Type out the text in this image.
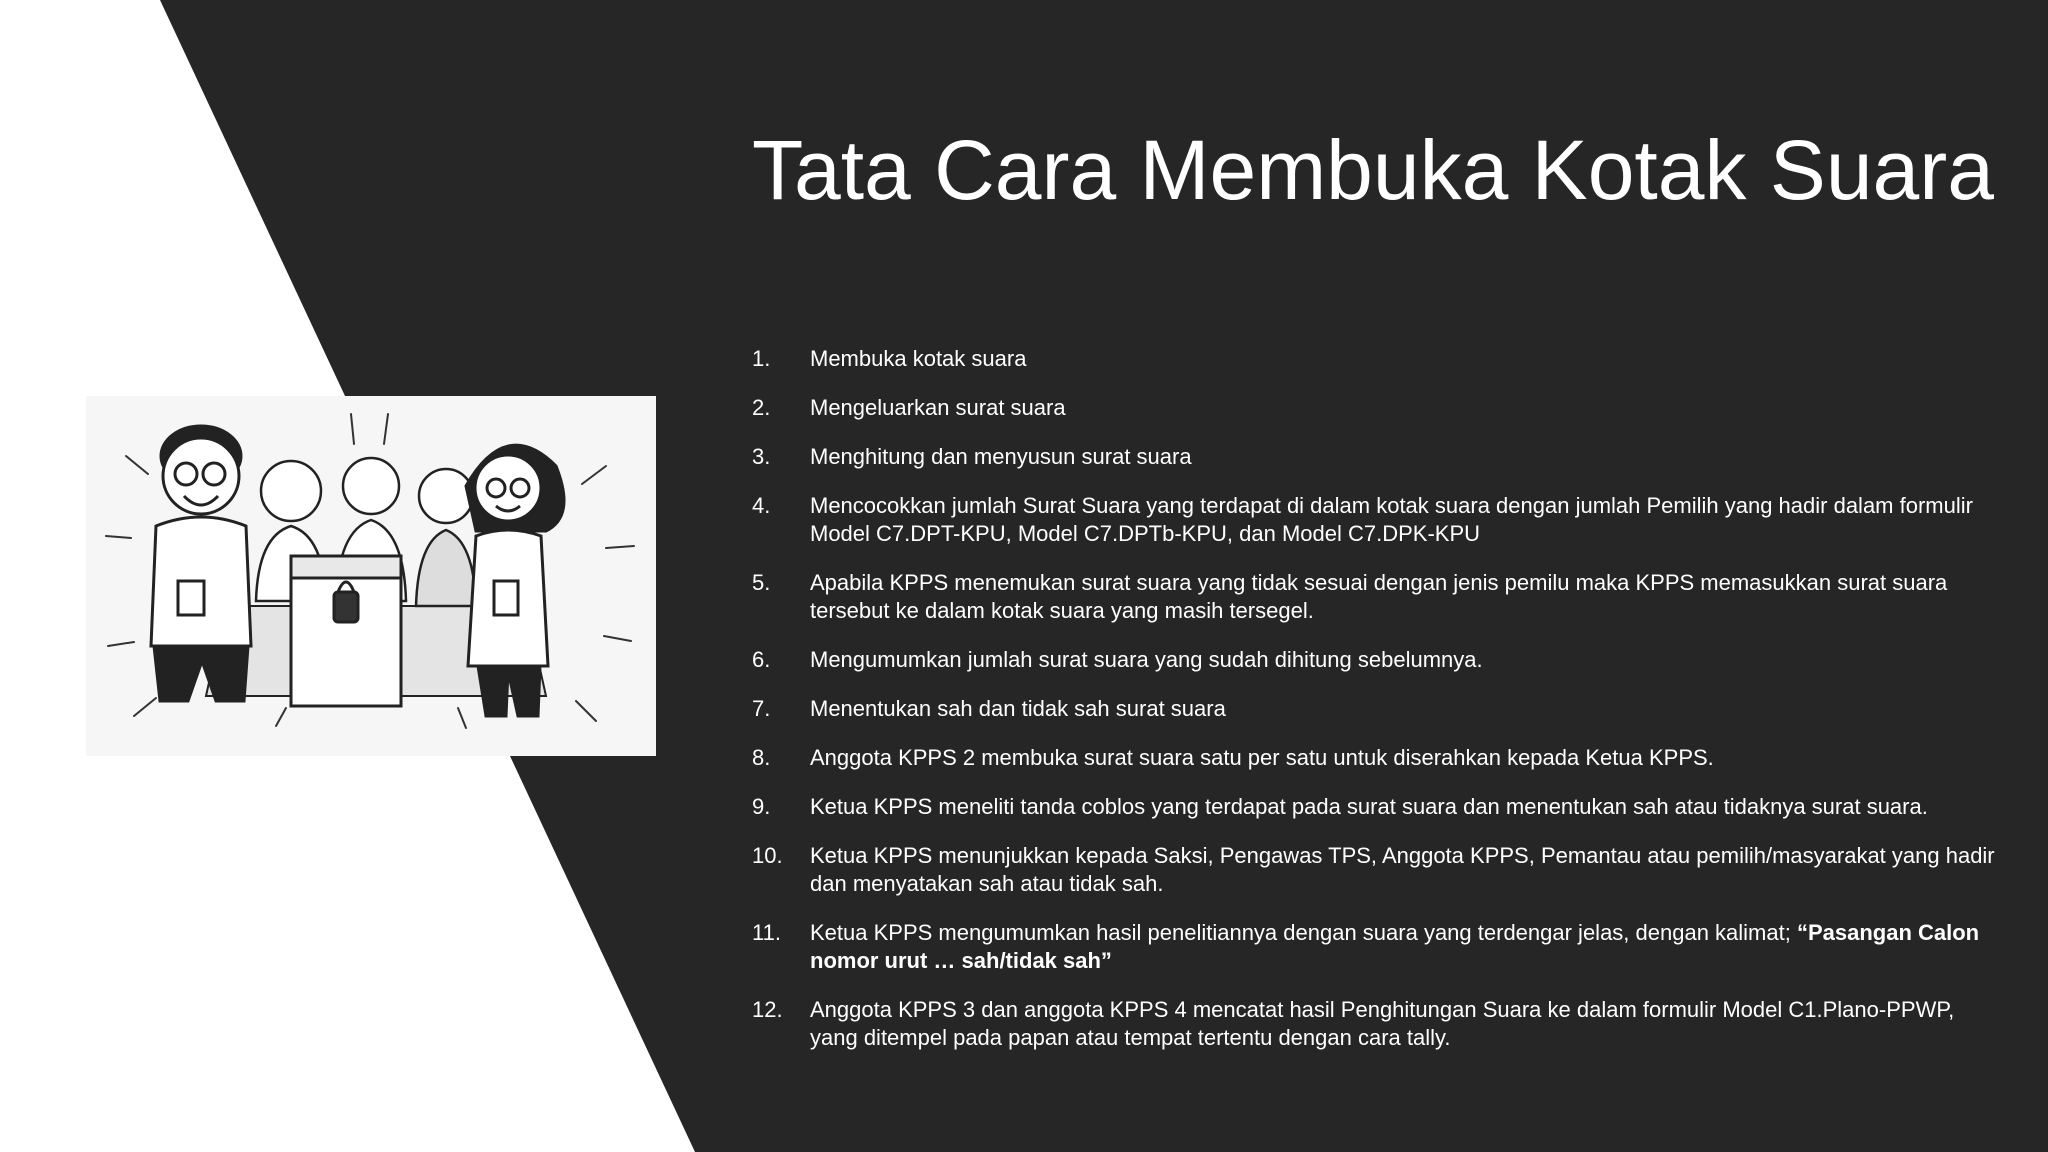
Tata Cara Membuka Kotak Suara
1.	Membuka kotak suara
2.	Mengeluarkan surat suara
3.	Menghitung dan menyusun surat suara
4.	Mencocokkan jumlah Surat Suara yang terdapat di dalam kotak suara dengan jumlah Pemilih yang hadir dalam formulir Model C7.DPT-KPU, Model C7.DPTb-KPU, dan Model C7.DPK-KPU
5.	Apabila KPPS menemukan surat suara yang tidak sesuai dengan jenis pemilu maka KPPS memasukkan surat suara tersebut ke dalam kotak suara yang masih tersegel.
6.	Mengumumkan jumlah surat suara yang sudah dihitung sebelumnya.
7.	Menentukan sah dan tidak sah surat suara
8.	Anggota KPPS 2 membuka surat suara satu per satu untuk diserahkan kepada Ketua KPPS.
9.	Ketua KPPS meneliti tanda coblos yang terdapat pada surat suara dan menentukan sah atau tidaknya surat suara.
10.	Ketua KPPS menunjukkan kepada Saksi, Pengawas TPS, Anggota KPPS, Pemantau atau pemilih/masyarakat yang hadir dan menyatakan sah atau tidak sah.
11.	Ketua KPPS mengumumkan hasil penelitiannya dengan suara yang terdengar jelas, dengan kalimat; “Pasangan Calon nomor urut … sah/tidak sah”
12.	Anggota KPPS 3 dan anggota KPPS 4 mencatat hasil Penghitungan Suara ke dalam formulir Model C1.Plano-PPWP, yang ditempel pada papan atau tempat tertentu dengan cara tally.
